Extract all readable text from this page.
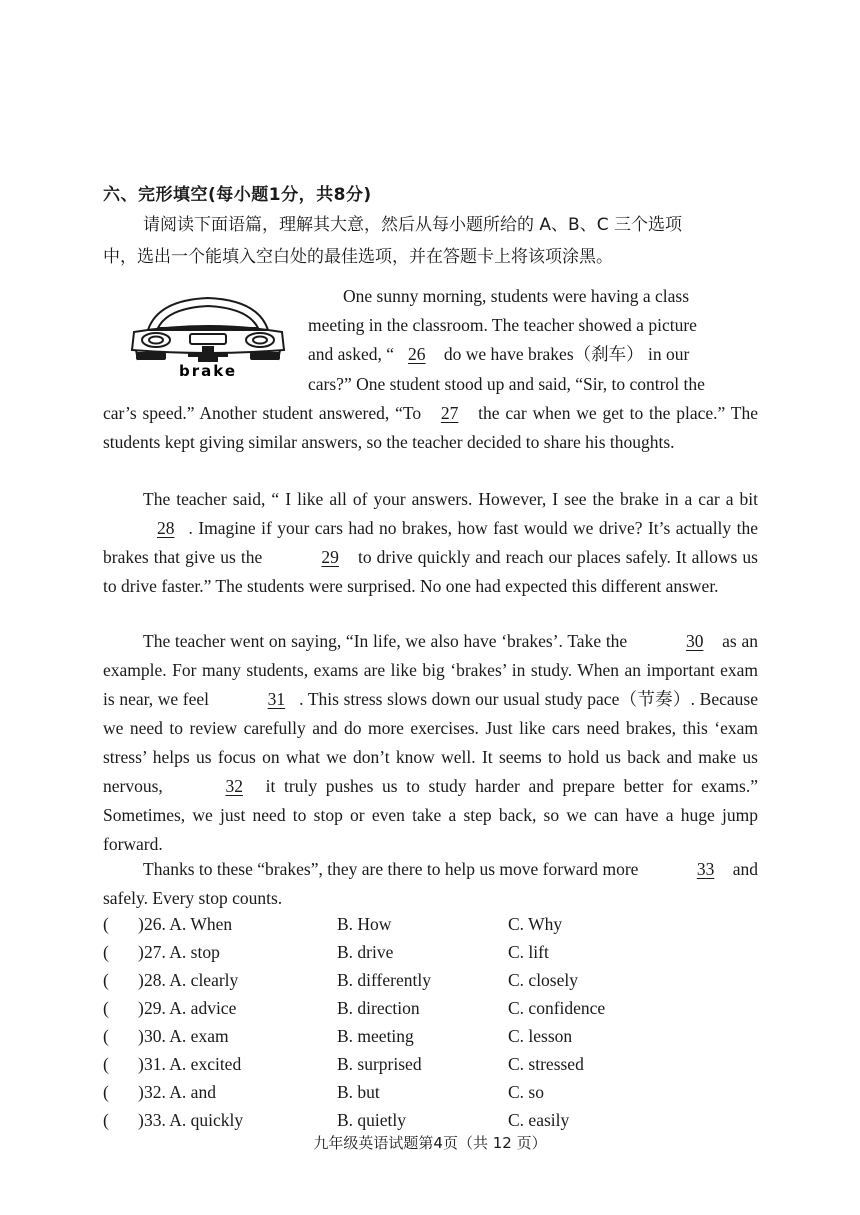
六、完形填空(每小题1分，共8分)
请阅读下面语篇，理解其大意，然后从每小题所给的 A、B、C 三个选项
中，选出一个能填入空白处的最佳选项，并在答题卡上将该项涂黑。
brake
One sunny morning, students were having a class
meeting in the classroom. The teacher showed a picture
and asked, “ 26 do we have brakes（刹车） in our
cars?” One student stood up and said, “Sir, to control the
car’s speed.” Another student answered, “To 27 the car when we get to the place.” The students kept giving similar answers, so the teacher decided to share his thoughts.
The teacher said, “ I like all of your answers. However, I see the brake in a car a bit 28 . Imagine if your cars had no brakes, how fast would we drive? It’s actually the brakes that give us the	29 to drive quickly and reach our places safely. It allows us to drive faster.” The students were surprised. No one had expected this different answer.
The teacher went on saying, “In life, we also have ‘brakes’. Take the	30 as an example. For many students, exams are like big ‘brakes’ in study. When an important exam is near, we feel	31 . This stress slows down our usual study pace（节奏）. Because we need to review carefully and do more exercises. Just like cars need brakes, this ‘exam stress’ helps us focus on what we don’t know well. It seems to hold us back and make us nervous,	32 it truly pushes us to study harder and prepare better for exams.” Sometimes, we just need to stop or even take a step back, so we can have a huge jump forward.
Thanks to these “brakes”, they are there to help us move forward more	33 and safely. Every stop counts.
( ) 26. A. When	B. How	C. Why
( ) 27. A. stop	B. drive	C. lift
( ) 28. A. clearly	B. differently	C. closely
( ) 29. A. advice	B. direction	C. confidence
( ) 30. A. exam	B. meeting	C. lesson
( ) 31. A. excited	B. surprised	C. stressed
( ) 32. A. and	B. but	C. so
( ) 33. A. quickly	B. quietly	C. easily
九年级英语试题第4页（共 12 页）
